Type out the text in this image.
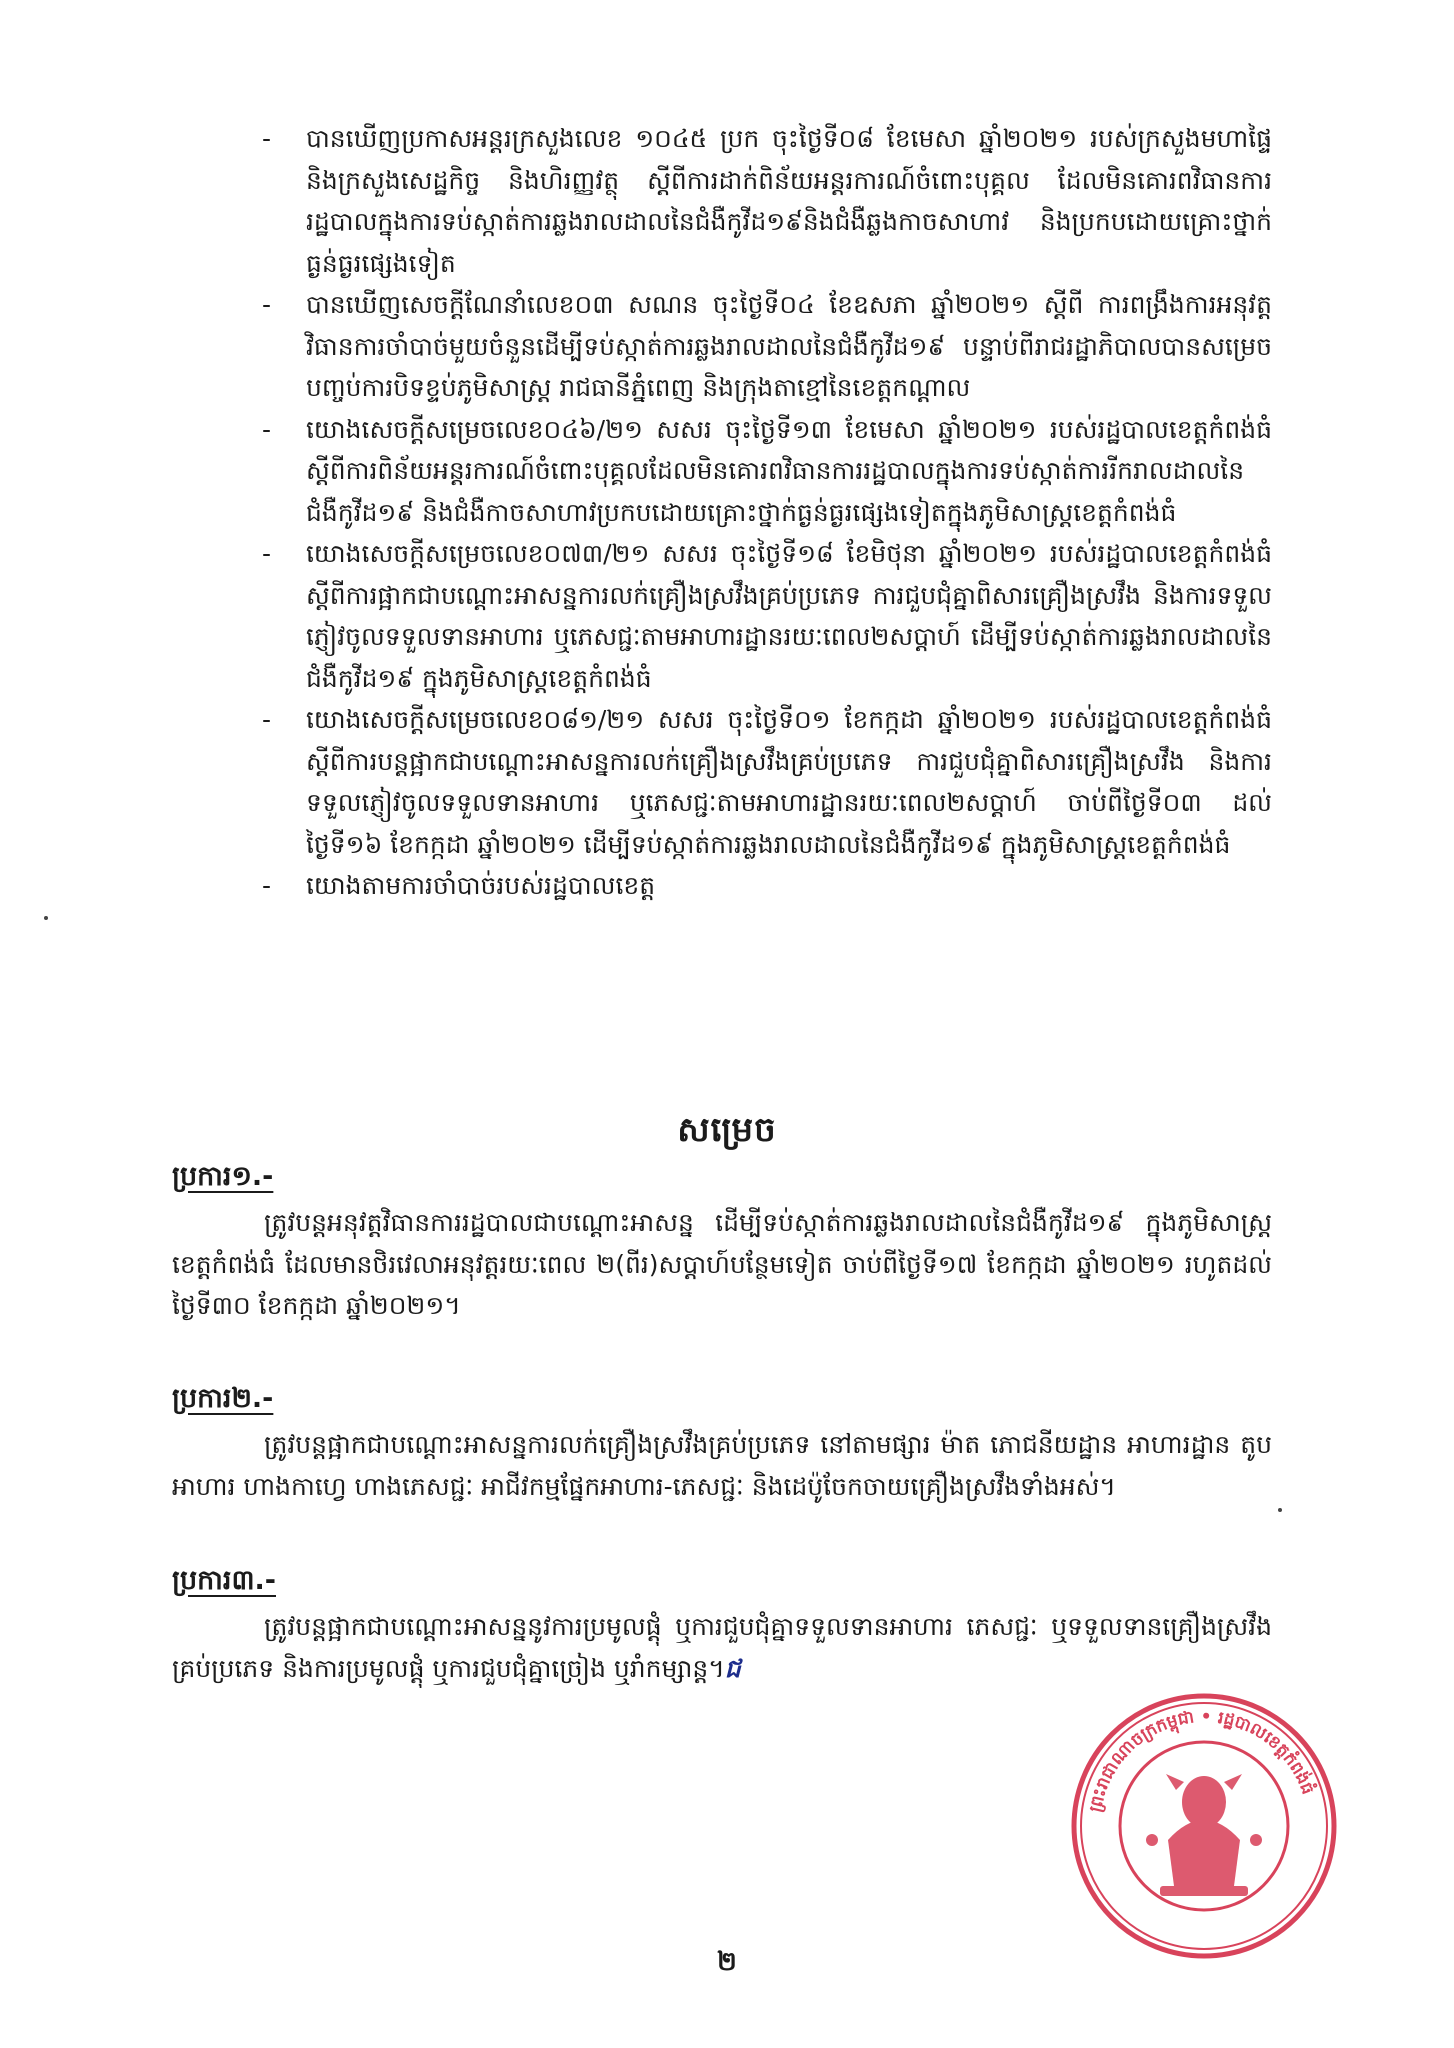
- បានឃើញប្រកាសអន្តរក្រសួងលេខ ១០៤៥ ប្រក ចុះថ្ងៃទី០៨ ខែមេសា ឆ្នាំ២០២១ របស់ក្រសួងមហាផ្ទៃ និងក្រសួងសេដ្ឋកិច្ច និងហិរញ្ញវត្ថុ ស្តីពីការដាក់ពិន័យអន្តរការណ៍ចំពោះបុគ្គល ដែលមិនគោរពវិធានការរដ្ឋបាលក្នុងការទប់ស្កាត់ការឆ្លងរាលដាលនៃជំងឺកូវីដ១៩និងជំងឺឆ្លងកាចសាហាវ និងប្រកបដោយគ្រោះថ្នាក់ធ្ងន់ធ្ងរផ្សេងទៀត
- បានឃើញសេចក្តីណែនាំលេខ០៣ សណន ចុះថ្ងៃទី០៤ ខែឧសភា ឆ្នាំ២០២១ ស្តីពី ការពង្រឹងការអនុវត្តវិធានការចាំបាច់មួយចំនួនដើម្បីទប់ស្កាត់ការឆ្លងរាលដាលនៃជំងឺកូវីដ១៩ បន្ទាប់ពីរាជរដ្ឋាភិបាលបានសម្រេចបញ្ចប់ការបិទខ្ទប់ភូមិសាស្ត្រ រាជធានីភ្នំពេញ និងក្រុងតាខ្មៅនៃខេត្តកណ្តាល
- យោងសេចក្តីសម្រេចលេខ០៤៦/២១ សសរ ចុះថ្ងៃទី១៣ ខែមេសា ឆ្នាំ២០២១ របស់រដ្ឋបាលខេត្តកំពង់ធំ ស្តីពីការពិន័យអន្តរការណ៍ចំពោះបុគ្គលដែលមិនគោរពវិធានការរដ្ឋបាលក្នុងការទប់ស្កាត់ការរីករាលដាលនៃជំងឺកូវីដ១៩ និងជំងឺកាចសាហាវប្រកបដោយគ្រោះថ្នាក់ធ្ងន់ធ្ងរផ្សេងទៀតក្នុងភូមិសាស្ត្រខេត្តកំពង់ធំ
- យោងសេចក្តីសម្រេចលេខ០៧៣/២១ សសរ ចុះថ្ងៃទី១៨ ខែមិថុនា ឆ្នាំ២០២១ របស់រដ្ឋបាលខេត្តកំពង់ធំ ស្តីពីការផ្អាកជាបណ្តោះអាសន្នការលក់គ្រឿងស្រវឹងគ្រប់ប្រភេទ ការជួបជុំគ្នាពិសារគ្រឿងស្រវឹង និងការទទួលភ្ញៀវចូលទទួលទានអាហារ ឬភេសជ្ជៈតាមអាហារដ្ឋានរយៈពេល២សប្តាហ៍ ដើម្បីទប់ស្កាត់ការឆ្លងរាលដាលនៃជំងឺកូវីដ១៩ ក្នុងភូមិសាស្ត្រខេត្តកំពង់ធំ
- យោងសេចក្តីសម្រេចលេខ០៨១/២១ សសរ ចុះថ្ងៃទី០១ ខែកក្កដា ឆ្នាំ២០២១ របស់រដ្ឋបាលខេត្តកំពង់ធំ ស្តីពីការបន្តផ្អាកជាបណ្តោះអាសន្នការលក់គ្រឿងស្រវឹងគ្រប់ប្រភេទ ការជួបជុំគ្នាពិសារគ្រឿងស្រវឹង និងការទទួលភ្ញៀវចូលទទួលទានអាហារ ឬភេសជ្ជៈតាមអាហារដ្ឋានរយៈពេល២សប្តាហ៍ ចាប់ពីថ្ងៃទី០៣ ដល់ថ្ងៃទី១៦ ខែកក្កដា ឆ្នាំ២០២១ ដើម្បីទប់ស្កាត់ការឆ្លងរាលដាលនៃជំងឺកូវីដ១៩ ក្នុងភូមិសាស្ត្រខេត្តកំពង់ធំ
- យោងតាមការចាំបាច់របស់រដ្ឋបាលខេត្ត
សម្រេច
ប្រការ១.-
ត្រូវបន្តអនុវត្តវិធានការរដ្ឋបាលជាបណ្តោះអាសន្ន ដើម្បីទប់ស្កាត់ការឆ្លងរាលដាលនៃជំងឺកូវីដ១៩ ក្នុងភូមិសាស្ត្រខេត្តកំពង់ធំ ដែលមានថិរវេលាអនុវត្តរយៈពេល ២(ពីរ)សប្តាហ៍បន្ថែមទៀត ចាប់ពីថ្ងៃទី១៧ ខែកក្កដា ឆ្នាំ២០២១ រហូតដល់ថ្ងៃទី៣០ ខែកក្កដា ឆ្នាំ២០២១។
ប្រការ២.-
ត្រូវបន្តផ្អាកជាបណ្តោះអាសន្នការលក់គ្រឿងស្រវឹងគ្រប់ប្រភេទ នៅតាមផ្សារ ម៉ាត ភោជនីយដ្ឋាន អាហារដ្ឋាន តូបអាហារ ហាងកាហ្វេ ហាងភេសជ្ជៈ អាជីវកម្មផ្នែកអាហារ-ភេសជ្ជៈ និងដេប៉ូចែកចាយគ្រឿងស្រវឹងទាំងអស់។
ប្រការ៣.-
ត្រូវបន្តផ្អាកជាបណ្តោះអាសន្ននូវការប្រមូលផ្តុំ ឬការជួបជុំគ្នាទទួលទានអាហារ ភេសជ្ជៈ ឬទទួលទានគ្រឿងស្រវឹងគ្រប់ប្រភេទ និងការប្រមូលផ្តុំ ឬការជួបជុំគ្នាច្រៀង ឬរាំកម្សាន្ត។ជ
ព្រះរាជាណាចក្រកម្ពុជា • រដ្ឋបាលខេត្តកំពង់ធំ
២
